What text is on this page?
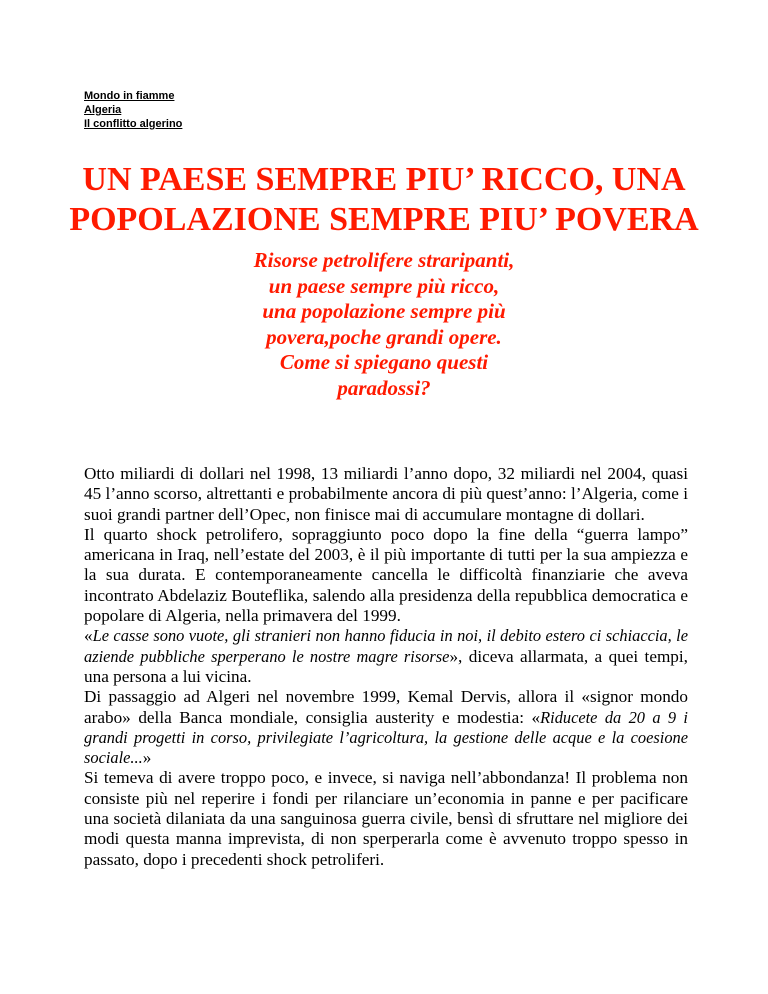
Mondo in fiamme
Algeria
Il conflitto algerino
UN PAESE SEMPRE PIU’ RICCO, UNA
POPOLAZIONE SEMPRE PIU’ POVERA
Risorse petrolifere straripanti,
un paese sempre più ricco,
una popolazione sempre più
povera,poche grandi opere.
Come si spiegano questi
paradossi?

Otto miliardi di dollari nel 1998, 13 miliardi l’anno dopo, 32 miliardi nel 2004, quasi 45 l’anno scorso, altrettanti e probabilmente ancora di più quest’anno: l’Algeria, come i suoi grandi partner dell’Opec, non finisce mai di accumulare montagne di dollari.

Il quarto shock petrolifero, sopraggiunto poco dopo la fine della “guerra lampo” americana in Iraq, nell’estate del 2003, è il più importante di tutti per la sua ampiezza e la sua durata. E contemporaneamente cancella le difficoltà finanziarie che aveva incontrato Abdelaziz Bouteflika, salendo alla presidenza della repubblica democratica e popolare di Algeria, nella primavera del 1999.

«Le casse sono vuote, gli stranieri non hanno fiducia in noi, il debito estero ci schiaccia, le aziende pubbliche sperperano le nostre magre risorse», diceva allarmata, a quei tempi, una persona a lui vicina.

Di passaggio ad Algeri nel novembre 1999, Kemal Dervis, allora il «signor mondo arabo» della Banca mondiale, consiglia austerity e modestia: «Riducete da 20 a 9 i grandi progetti in corso, privilegiate l’agricoltura, la gestione delle acque e la coesione sociale...»

Si temeva di avere troppo poco, e invece, si naviga nell’abbondanza! Il problema non consiste più nel reperire i fondi per rilanciare un’economia in panne e per pacificare una società dilaniata da una sanguinosa guerra civile, bensì di sfruttare nel migliore dei modi questa manna imprevista, di non sperperarla come è avvenuto troppo spesso in passato, dopo i precedenti shock petroliferi.
